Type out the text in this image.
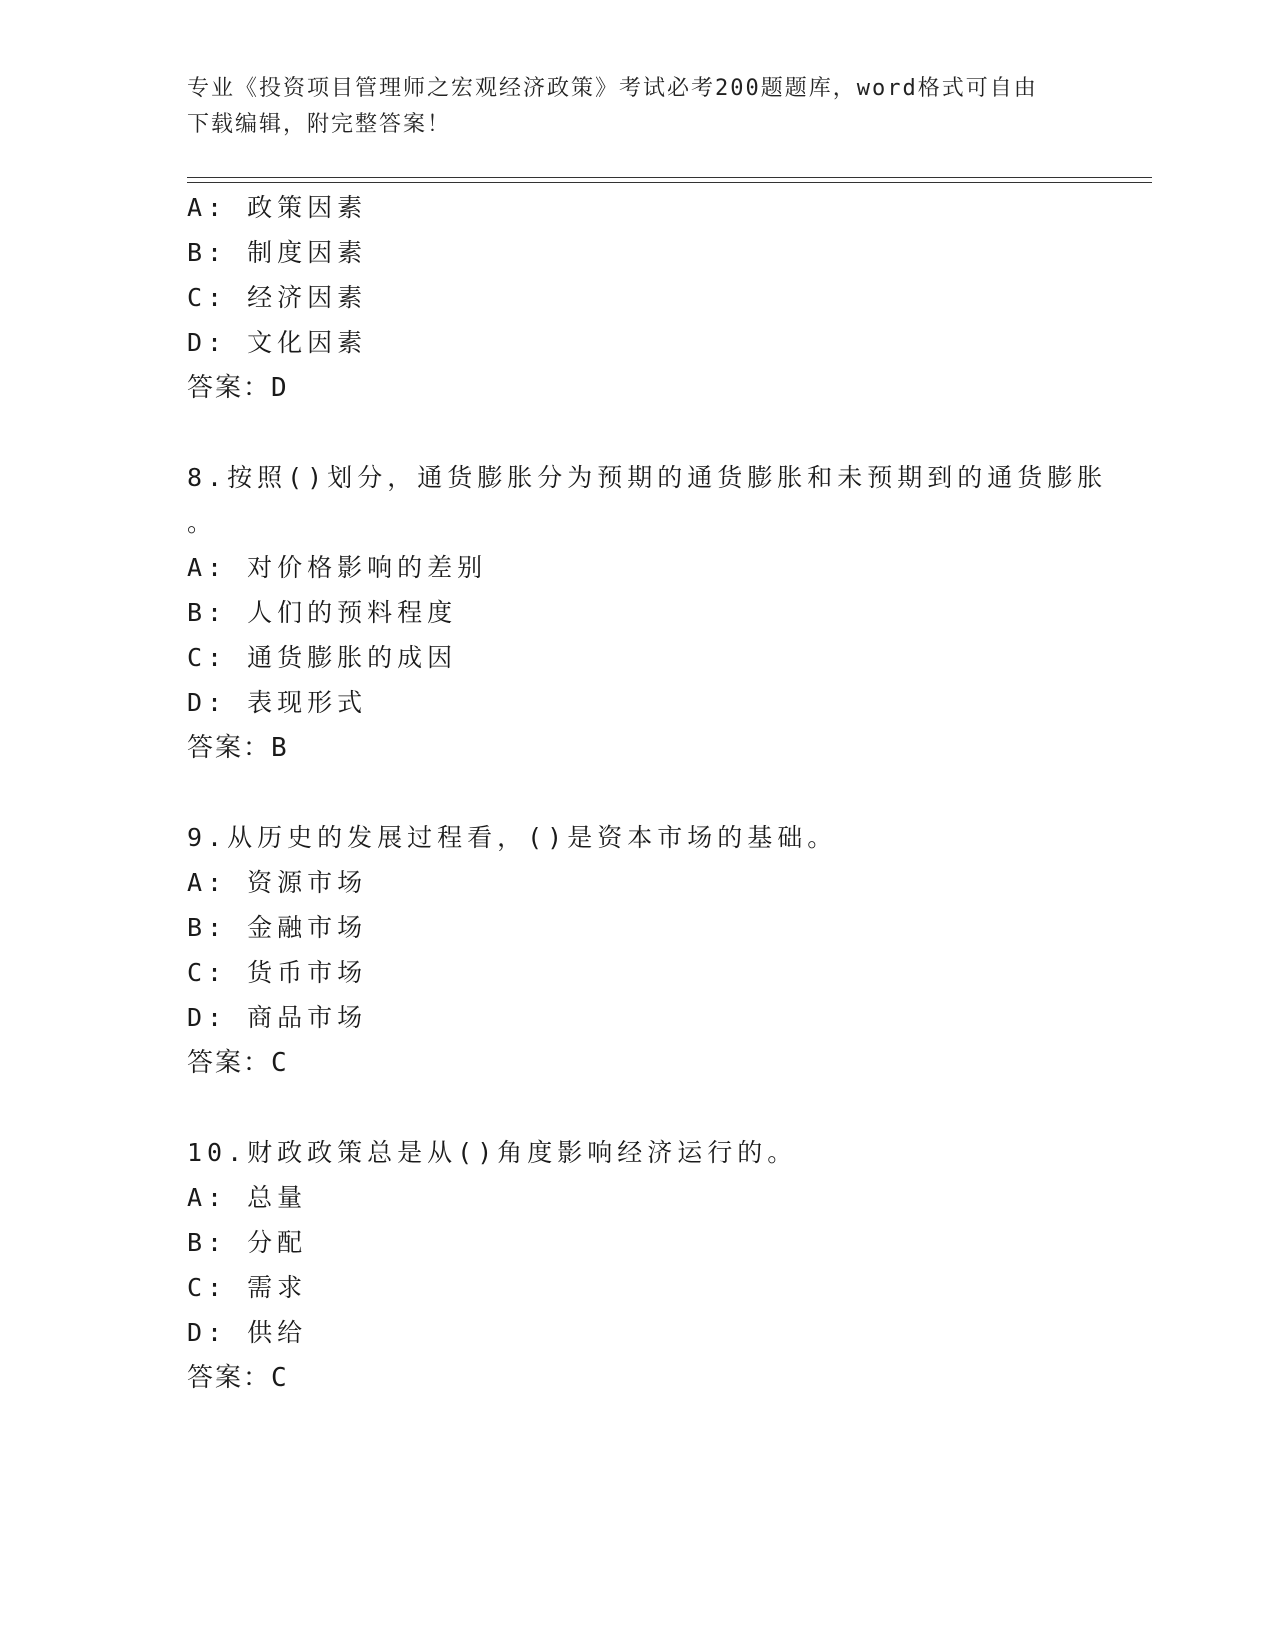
专业《投资项目管理师之宏观经济政策》考试必考200题题库，word格式可自由
下载编辑，附完整答案！
A: 政策因素
B: 制度因素
C: 经济因素
D: 文化因素
答案：D
8.按照()划分，通货膨胀分为预期的通货膨胀和未预期到的通货膨胀
。
A: 对价格影响的差别
B: 人们的预料程度
C: 通货膨胀的成因
D: 表现形式
答案：B
9.从历史的发展过程看，()是资本市场的基础。
A: 资源市场
B: 金融市场
C: 货币市场
D: 商品市场
答案：C
10.财政政策总是从()角度影响经济运行的。
A: 总量
B: 分配
C: 需求
D: 供给
答案：C
